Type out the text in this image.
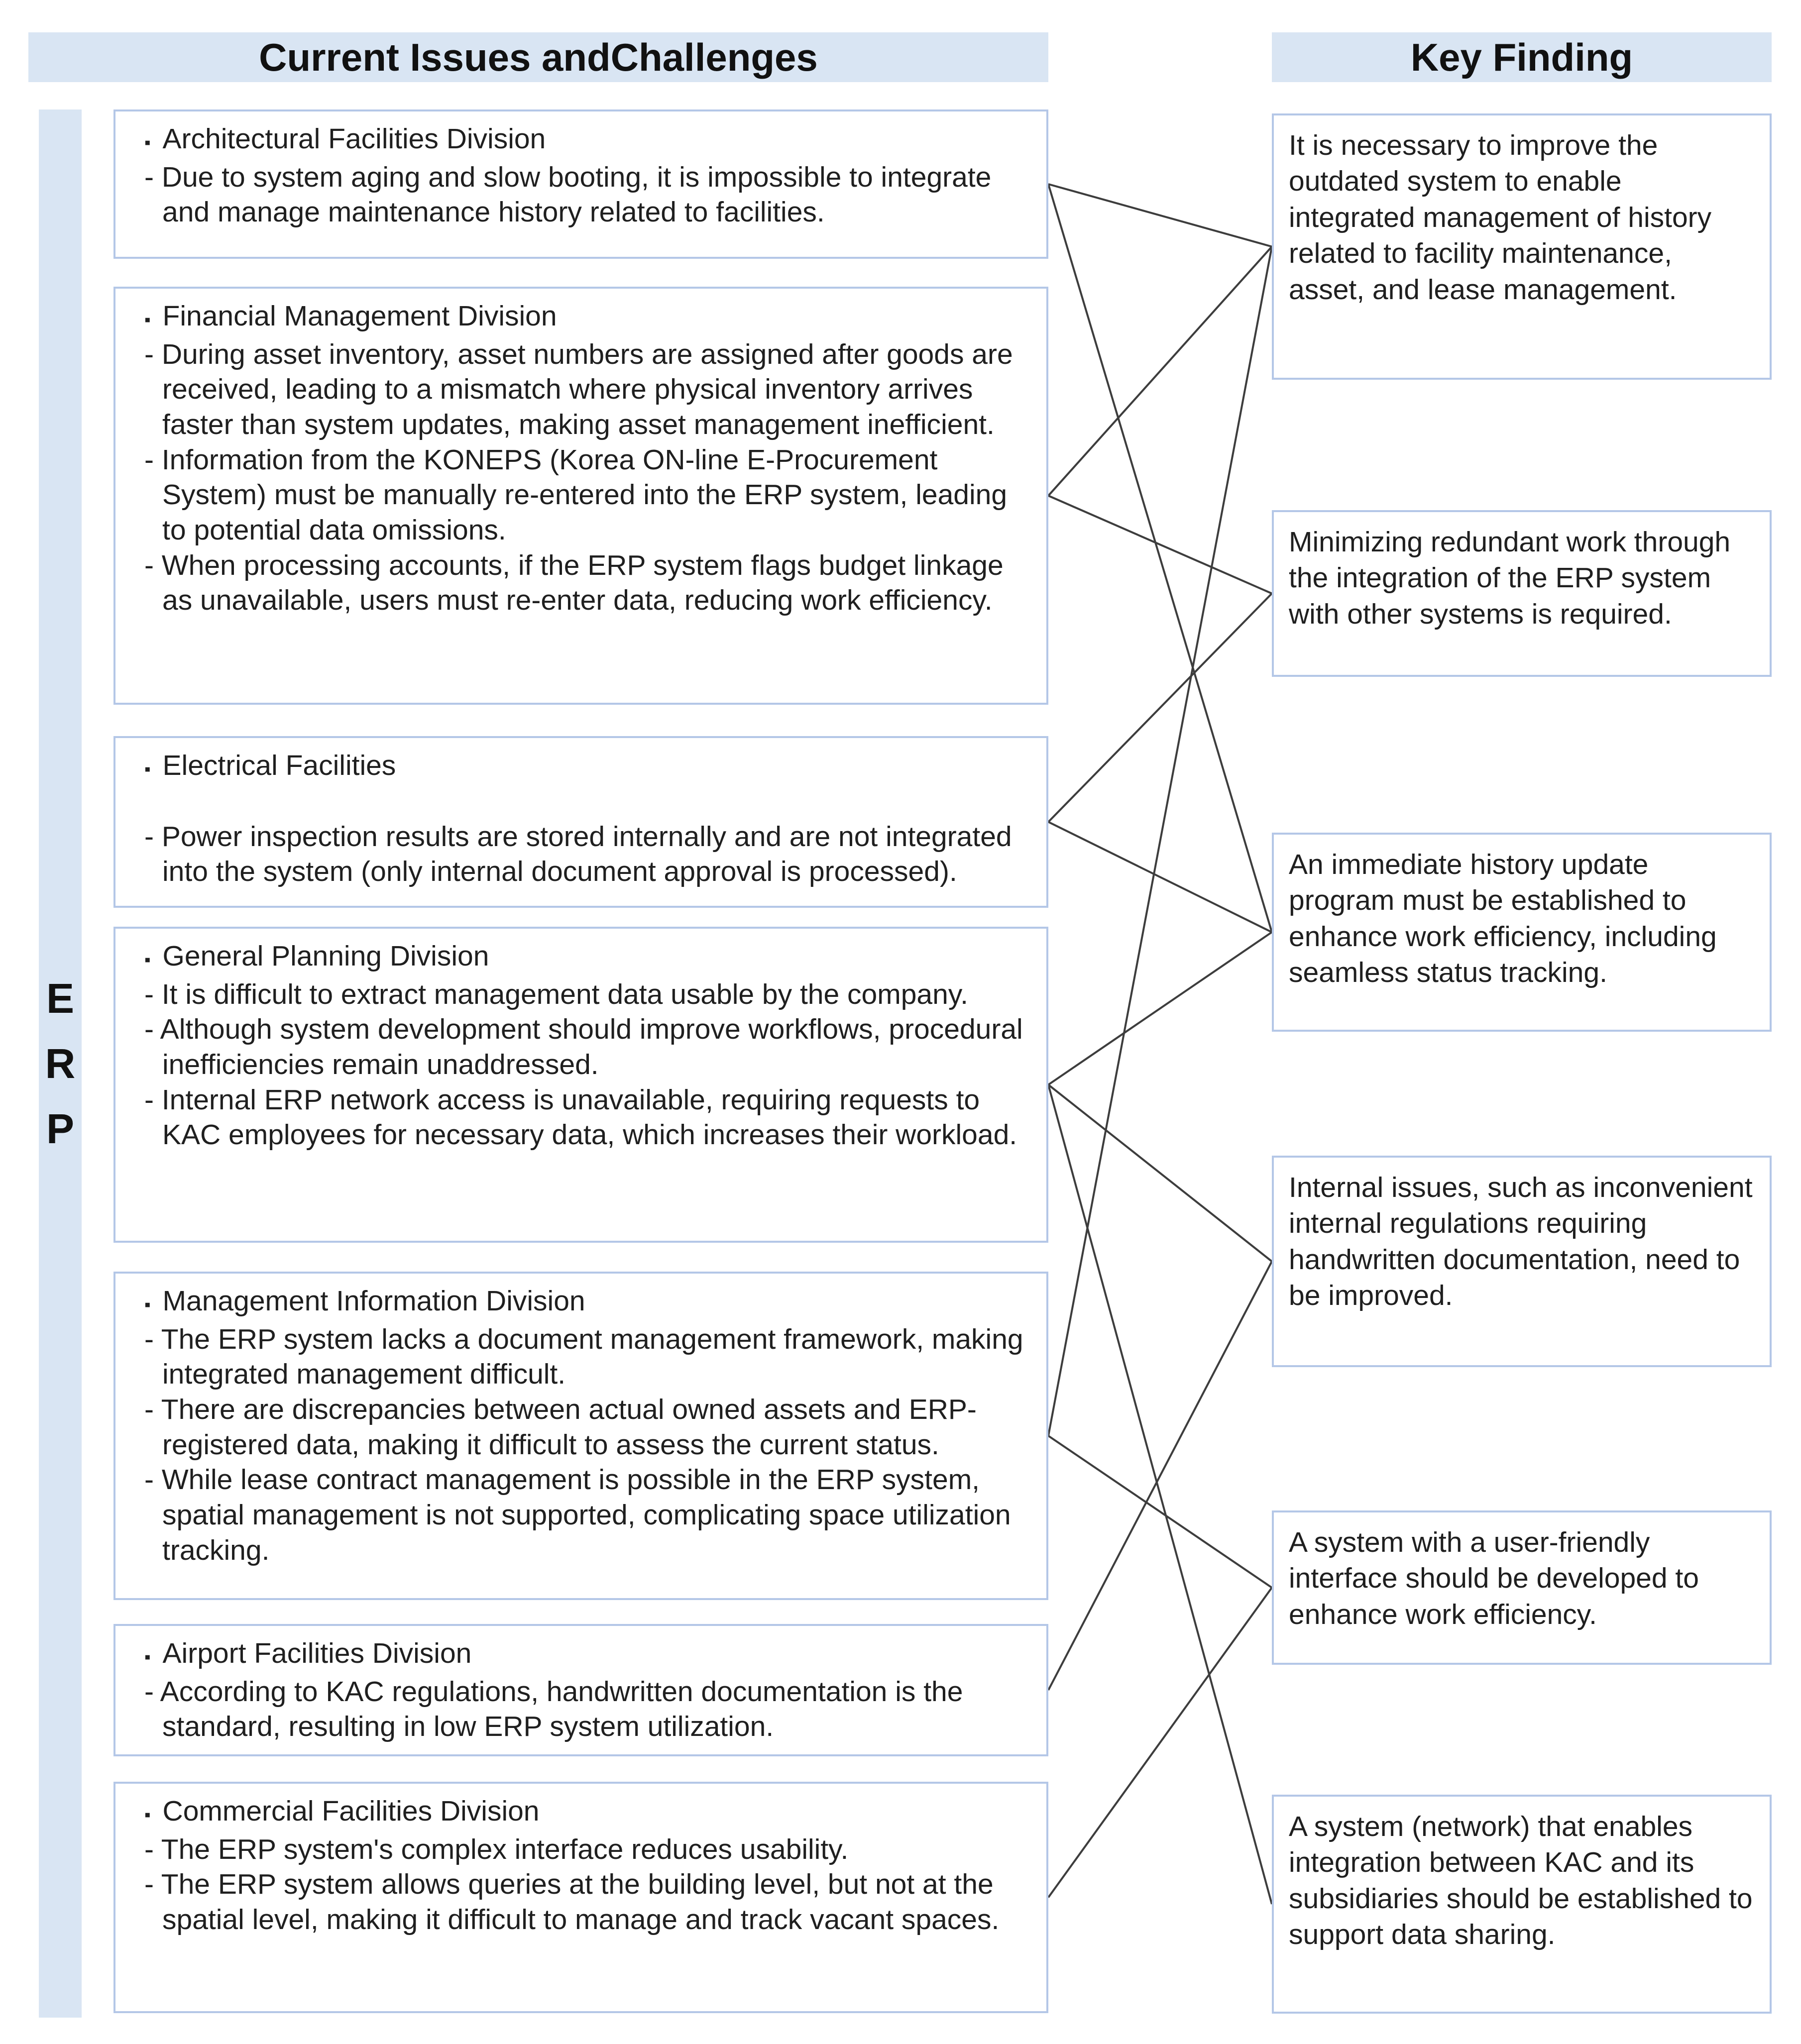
Current Issues andChallenges	Key Finding
E
R
P
▪ Architectural Facilities Division
- Due to system aging and slow booting, it is impossible to integrate and manage maintenance history related to facilities.
▪ Financial Management Division
- During asset inventory, asset numbers are assigned after goods are received, leading to a mismatch where physical inventory arrives faster than system updates, making asset management inefficient.
- Information from the KONEPS (Korea ON-line E-Procurement System) must be manually re-entered into the ERP system, leading to potential data omissions.
- When processing accounts, if the ERP system flags budget linkage as unavailable, users must re-enter data, reducing work efficiency.
▪ Electrical Facilities
- Power inspection results are stored internally and are not integrated into the system (only internal document approval is processed).
▪ General Planning Division
- It is difficult to extract management data usable by the company.
- Although system development should improve workflows, procedural inefficiencies remain unaddressed.
- Internal ERP network access is unavailable, requiring requests to KAC employees for necessary data, which increases their workload.
▪ Management Information Division
- The ERP system lacks a document management framework, making integrated management difficult.
- There are discrepancies between actual owned assets and ERP-registered data, making it difficult to assess the current status.
- While lease contract management is possible in the ERP system, spatial management is not supported, complicating space utilization tracking.
▪ Airport Facilities Division
- According to KAC regulations, handwritten documentation is the standard, resulting in low ERP system utilization.
▪ Commercial Facilities Division
- The ERP system's complex interface reduces usability.
- The ERP system allows queries at the building level, but not at the spatial level, making it difficult to manage and track vacant spaces.
It is necessary to improve the outdated system to enable integrated management of history related to facility maintenance, asset, and lease management.
Minimizing redundant work through the integration of the ERP system with other systems is required.
An immediate history update program must be established to enhance work efficiency, including seamless status tracking.
Internal issues, such as inconvenient internal regulations requiring handwritten documentation, need to be improved.
A system with a user-friendly interface should be developed to enhance work efficiency.
A system (network) that enables integration between KAC and its subsidiaries should be established to support data sharing.
